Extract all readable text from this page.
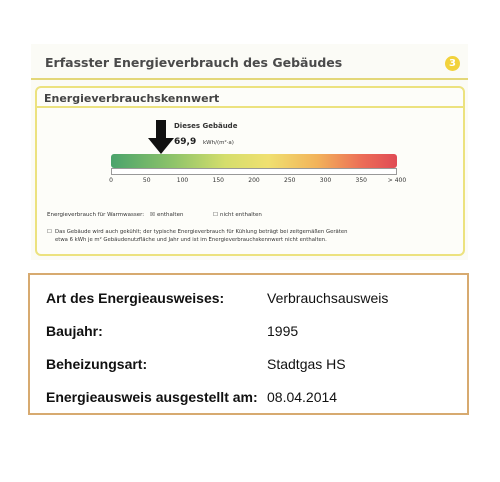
Erfasster Energieverbrauch des Gebäudes	3
Energieverbrauchskennwert
Dieses Gebäude
69,9 kWh/(m²·a)
0	50	100	150	200	250	300	350	> 400
Energieverbrauch für Warmwasser: ☒ enthalten	☐ nicht enthalten
☐ Das Gebäude wird auch gekühlt; der typische Energieverbrauch für Kühlung beträgt bei zeitgemäßen Geräten
etwa 6 kWh je m² Gebäudenutzfläche und Jahr und ist im Energieverbrauchskennwert nicht enthalten.
Art des Energieausweises:	Verbrauchsausweis
Baujahr:	1995
Beheizungsart:	Stadtgas HS
Energieausweis ausgestellt am: 08.04.2014
